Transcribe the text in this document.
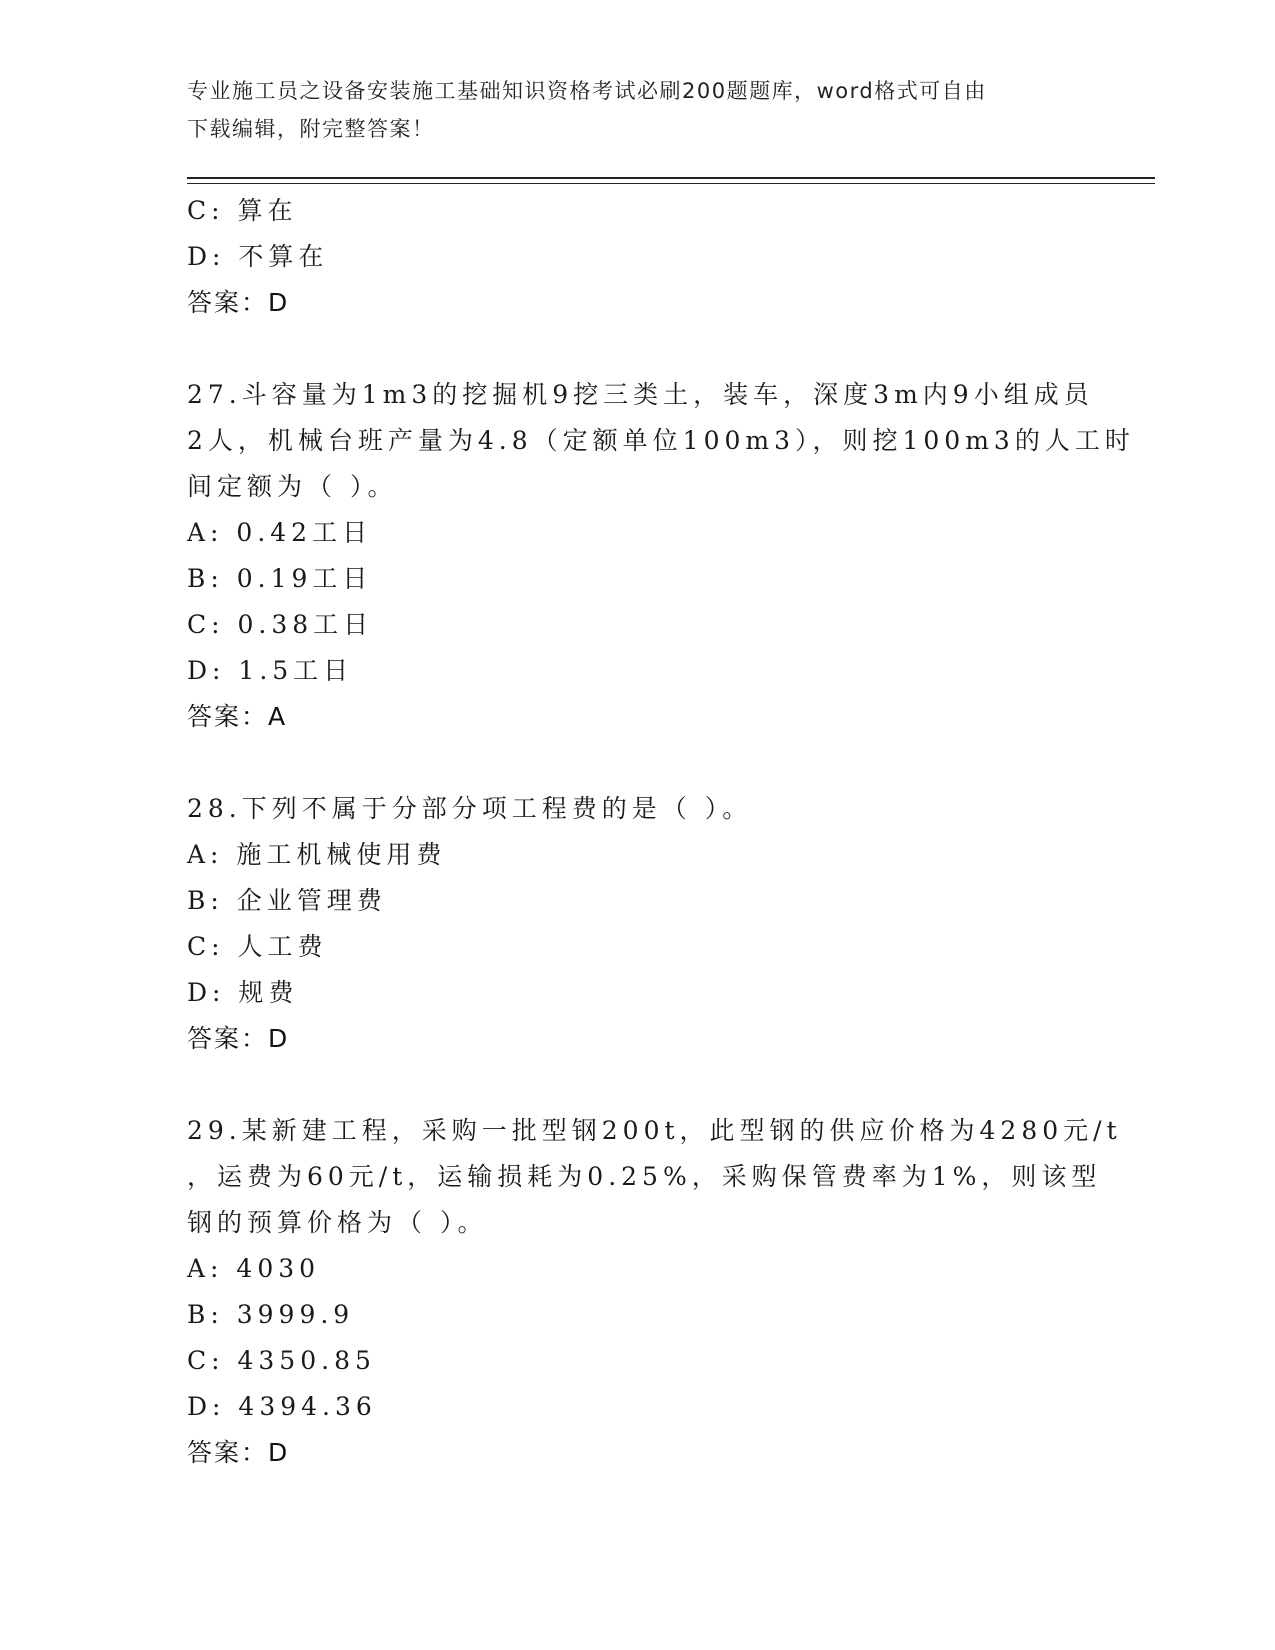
专业施工员之设备安装施工基础知识资格考试必刷200题题库，word格式可自由
下载编辑，附完整答案！
C: 算在
D: 不算在
答案：D
27.斗容量为1m3的挖掘机9挖三类土，装车，深度3m内9小组成员
2人，机械台班产量为4.8（定额单位100m3），则挖100m3的人工时
间定额为（ ）。
A: 0.42工日
B: 0.19工日
C: 0.38工日
D: 1.5工日
答案：A
28.下列不属于分部分项工程费的是（ ）。
A: 施工机械使用费
B: 企业管理费
C: 人工费
D: 规费
答案：D
29.某新建工程，采购一批型钢200t，此型钢的供应价格为4280元/t
，运费为60元/t，运输损耗为0.25%，采购保管费率为1%，则该型
钢的预算价格为（ ）。
A: 4030
B: 3999.9
C: 4350.85
D: 4394.36
答案：D
